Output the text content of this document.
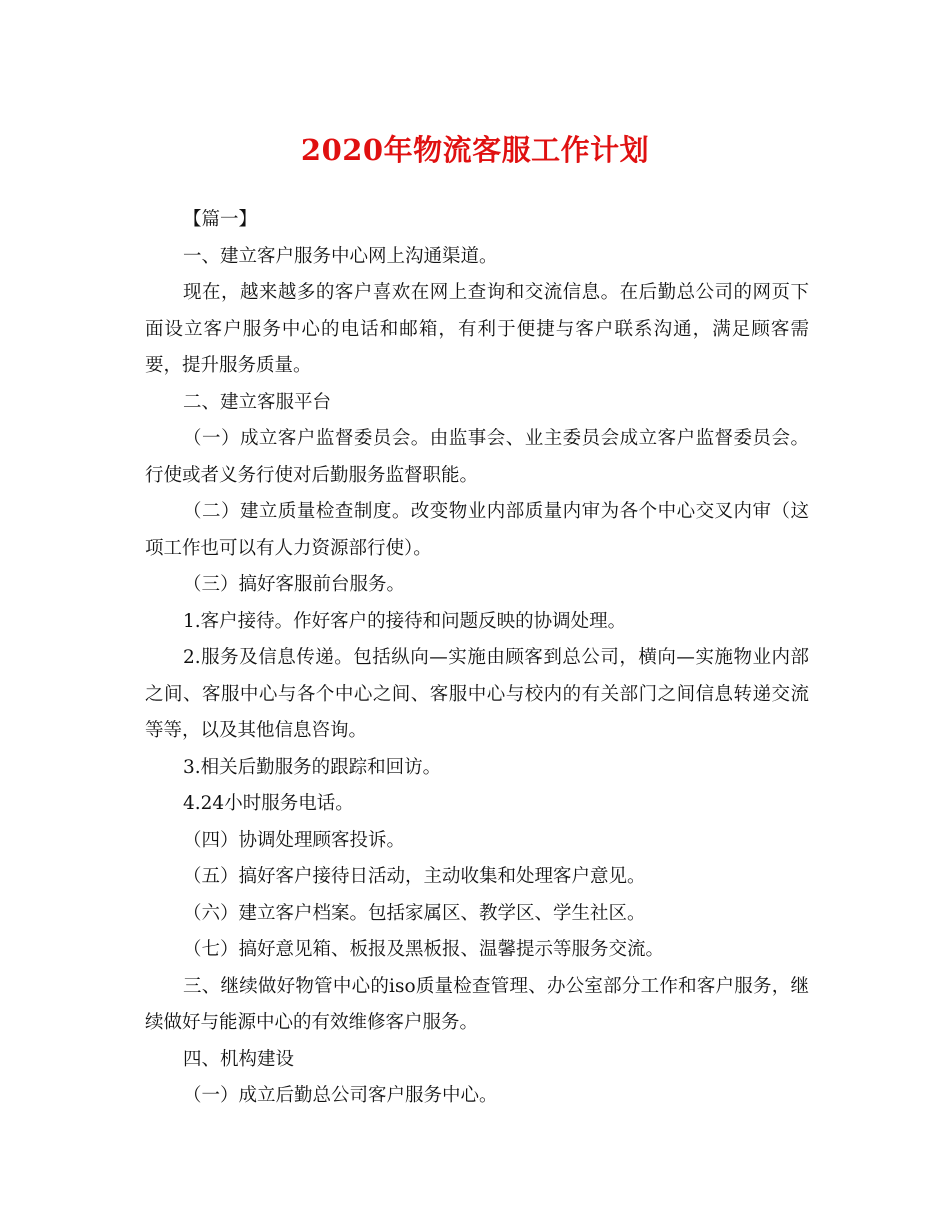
2020年物流客服工作计划

【篇一】

一、建立客户服务中心网上沟通渠道。

现在，越来越多的客户喜欢在网上查询和交流信息。在后勤总公司的网页下面设立客户服务中心的电话和邮箱，有利于便捷与客户联系沟通，满足顾客需要，提升服务质量。

二、建立客服平台

（一）成立客户监督委员会。由监事会、业主委员会成立客户监督委员会。行使或者义务行使对后勤服务监督职能。

（二）建立质量检查制度。改变物业内部质量内审为各个中心交叉内审（这项工作也可以有人力资源部行使）。

（三）搞好客服前台服务。

1.客户接待。作好客户的接待和问题反映的协调处理。

2.服务及信息传递。包括纵向—实施由顾客到总公司，横向—实施物业内部之间、客服中心与各个中心之间、客服中心与校内的有关部门之间信息转递交流等等，以及其他信息咨询。

3.相关后勤服务的跟踪和回访。

4.24小时服务电话。

（四）协调处理顾客投诉。

（五）搞好客户接待日活动，主动收集和处理客户意见。

（六）建立客户档案。包括家属区、教学区、学生社区。

（七）搞好意见箱、板报及黑板报、温馨提示等服务交流。

三、继续做好物管中心的iso质量检查管理、办公室部分工作和客户服务，继续做好与能源中心的有效维修客户服务。

四、机构建设

（一）成立后勤总公司客户服务中心。
